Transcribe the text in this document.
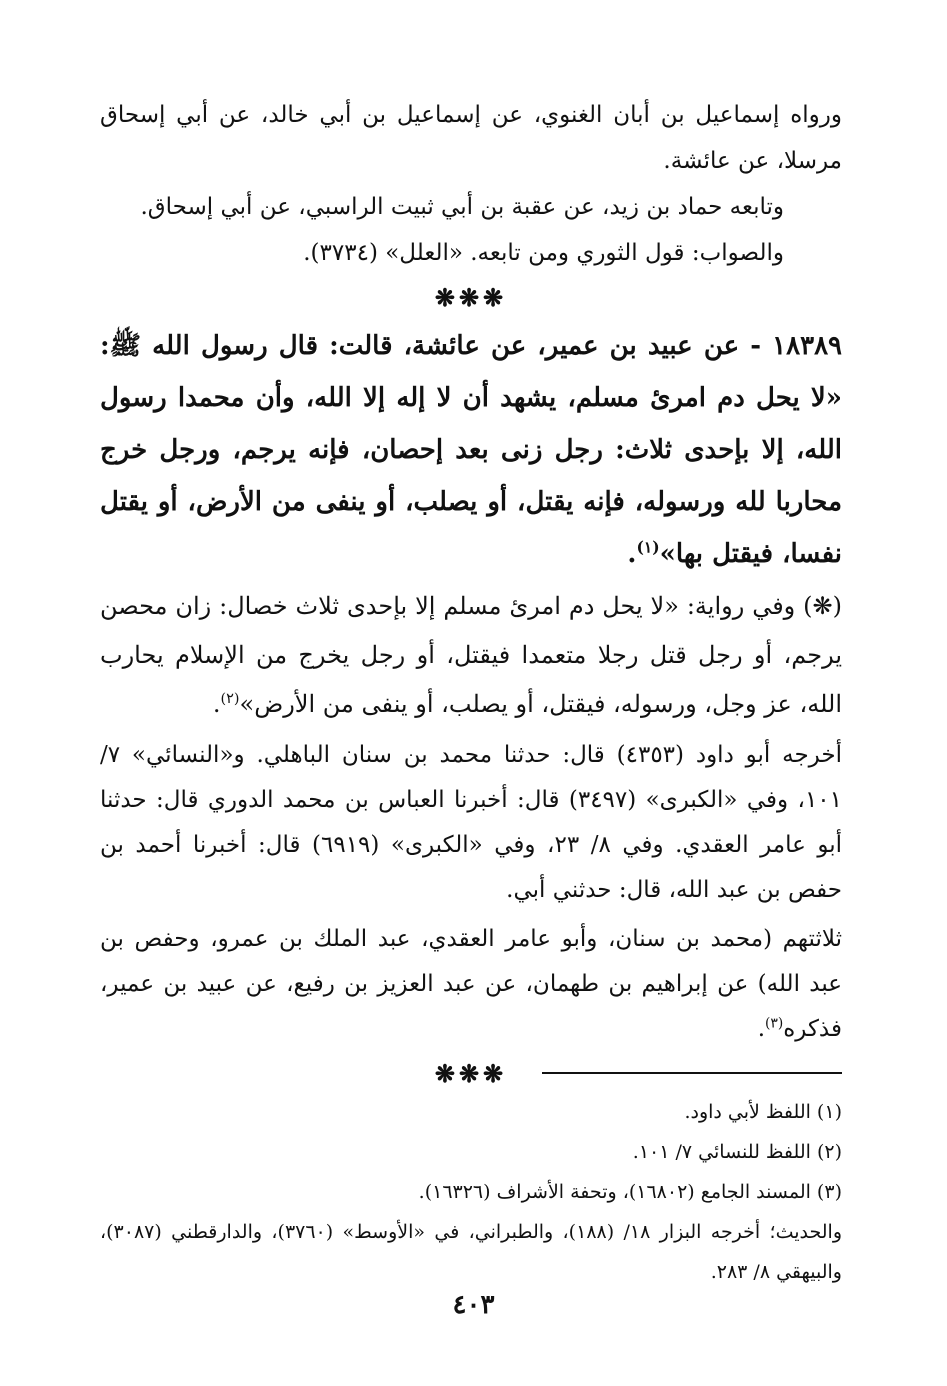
ورواه إسماعيل بن أبان الغنوي، عن إسماعيل بن أبي خالد، عن أبي إسحاق مرسلا، عن عائشة.

وتابعه حماد بن زيد، عن عقبة بن أبي ثبيت الراسبي، عن أبي إسحاق.

والصواب: قول الثوري ومن تابعه. «العلل» (٣٧٣٤).

❋❋❋

١٨٣٨٩ - عن عبيد بن عمير، عن عائشة، قالت: قال رسول الله ﷺ: «لا يحل دم امرئ مسلم، يشهد أن لا إله إلا الله، وأن محمدا رسول الله، إلا بإحدى ثلاث: رجل زنى بعد إحصان، فإنه يرجم، ورجل خرج محاربا لله ورسوله، فإنه يقتل، أو يصلب، أو ينفى من الأرض، أو يقتل نفسا، فيقتل بها»$^{(١)}$.

(❋) وفي رواية: «لا يحل دم امرئ مسلم إلا بإحدى ثلاث خصال: زان محصن يرجم، أو رجل قتل رجلا متعمدا فيقتل، أو رجل يخرج من الإسلام يحارب الله، عز وجل، ورسوله، فيقتل، أو يصلب، أو ينفى من الأرض»$^{(٢)}$.

أخرجه أبو داود (٤٣٥٣) قال: حدثنا محمد بن سنان الباهلي. و«النسائي» ٧/ ١٠١، وفي «الكبرى» (٣٤٩٧) قال: أخبرنا العباس بن محمد الدوري قال: حدثنا أبو عامر العقدي. وفي ٨/ ٢٣، وفي «الكبرى» (٦٩١٩) قال: أخبرنا أحمد بن حفص بن عبد الله، قال: حدثني أبي.

ثلاثتهم (محمد بن سنان، وأبو عامر العقدي، عبد الملك بن عمرو، وحفص بن عبد الله) عن إبراهيم بن طهمان، عن عبد العزيز بن رفيع، عن عبيد بن عمير، فذكره$^{(٣)}$.

❋❋❋

(١) اللفظ لأبي داود.

(٢) اللفظ للنسائي ٧/ ١٠١.

(٣) المسند الجامع (١٦٨٠٢)، وتحفة الأشراف (١٦٣٢٦).

والحديث؛ أخرجه البزار ١٨/ (١٨٨)، والطبراني، في «الأوسط» (٣٧٦٠)، والدارقطني (٣٠٨٧)، والبيهقي ٨/ ٢٨٣.

٤٠٣
